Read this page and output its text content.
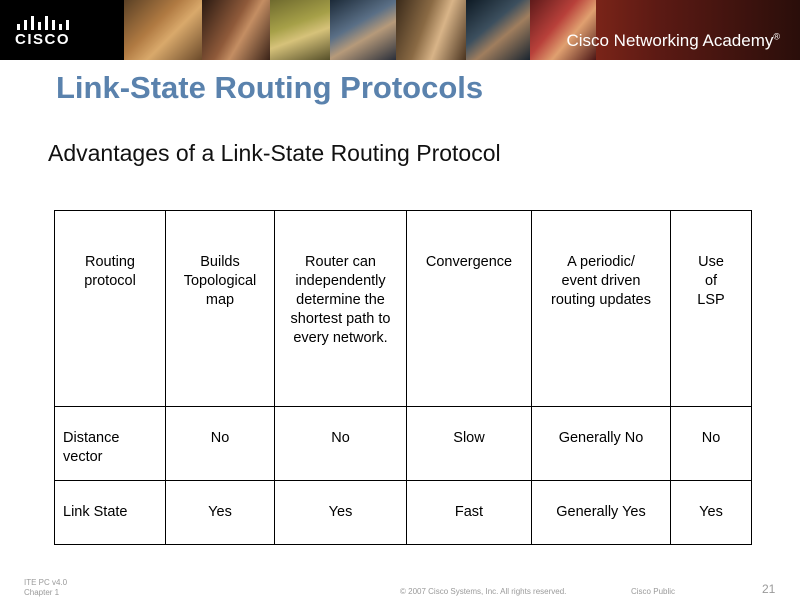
CISCO	Cisco Networking Academy®
Link-State Routing Protocols
Advantages of a Link-State Routing Protocol
Routing
protocol	Builds
Topological
map	Router can
independently
determine the
shortest path to
every network.	Convergence	A periodic/
event driven
routing updates	Use
of
LSP
Distance vector	No	No	Slow	Generally No	No
Link State	Yes	Yes	Fast	Generally Yes	Yes
ITE PC v4.0
Chapter 1	© 2007 Cisco Systems, Inc. All rights reserved.	Cisco Public	21
